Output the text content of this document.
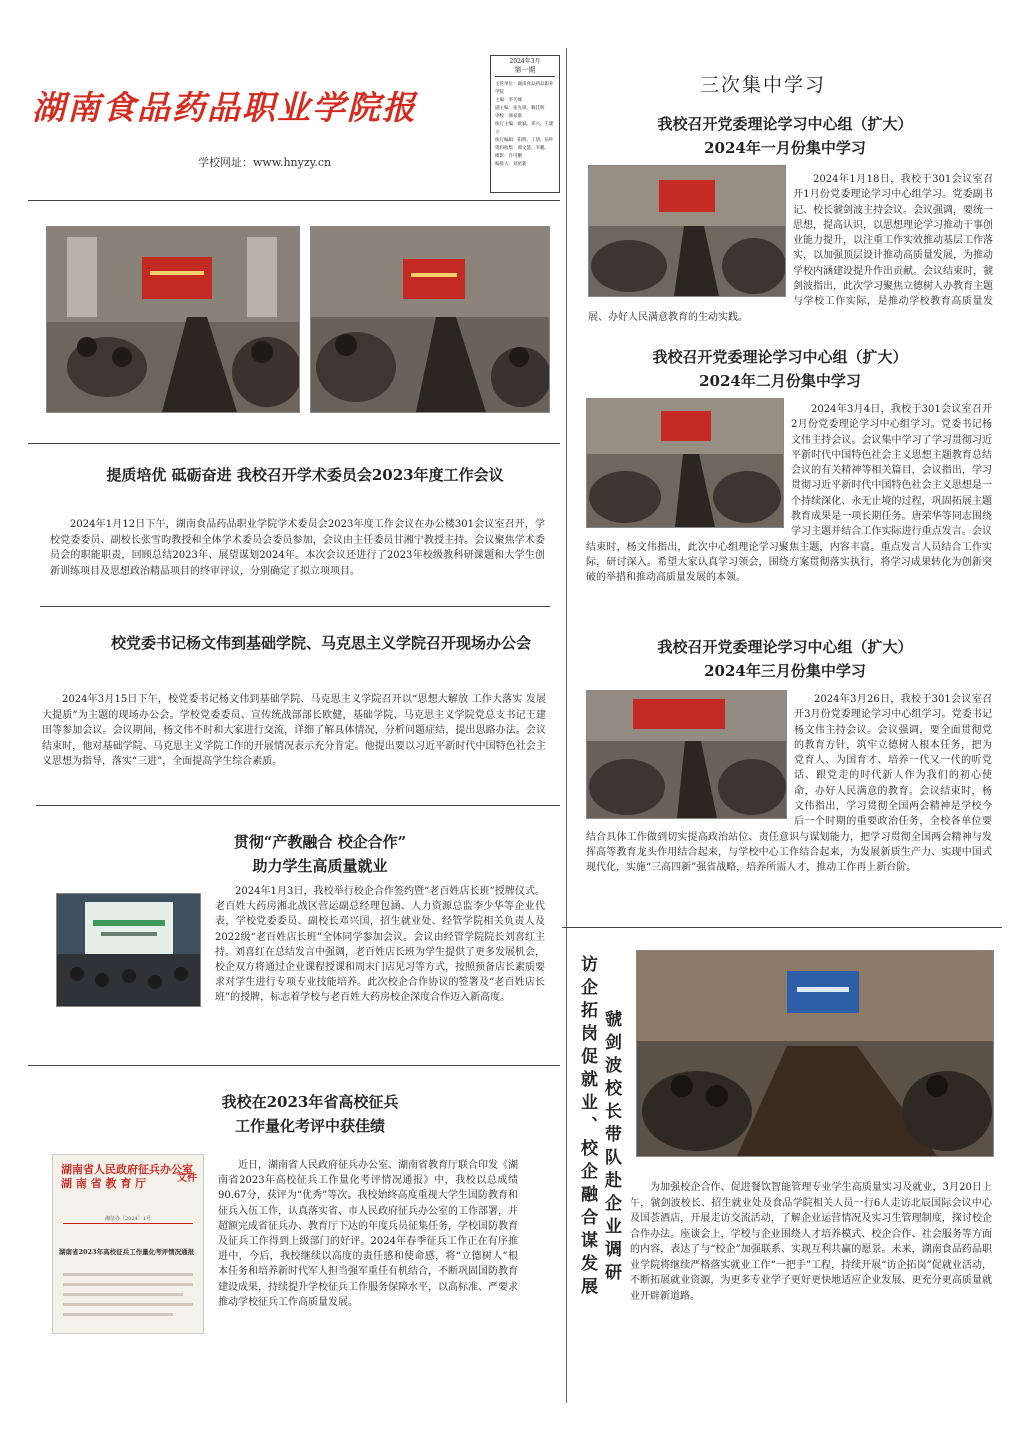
湖南食品药品职业学院报
学校网址：www.hnyzy.cn
2024年3月
第一期
主管单位：湖南食品药品职业学院
主编：李天峰
副主编：张先锋、赖佳辉
审校：颜家康
执行主编：欧斌、邓兴、王建立
执行编辑：阳辉、丁倩、伍叶
资料收集：谭文慧、李鹏、
摄影：许可鹏
编排人：刘星新
提质培优 砥砺奋进 我校召开学术委员会2023年度工作会议
2024年1月12日下午，湖南食品药品职业学院学术委员会2023年度工作会议在办公楼301会议室召开，学校党委委员、副校长张雪昀教授和全体学术委员会委员参加，会议由主任委员甘湘宁教授主持。会议聚焦学术委员会的职能职责，回顾总结2023年、展望谋划2024年。本次会议还进行了2023年校级教科研课题和大学生创新训练项目及思想政治精品项目的终审评议，分别确定了拟立项项目。
校党委书记杨文伟到基础学院、马克思主义学院召开现场办公会
2024年3月15日下午，校党委书记杨文伟到基础学院、马克思主义学院召开以“思想大解放 工作大落实 发展大提质”为主题的现场办公会。学校党委委员、宣传统战部部长欧健，基础学院、马克思主义学院党总支书记王建田等参加会议。会议期间，杨文伟不时和大家进行交流，详细了解具体情况，分析问题症结，提出思路办法。会议结束时，他对基础学院、马克思主义学院工作的开展情况表示充分肯定。他提出要以习近平新时代中国特色社会主义思想为指导，落实“三进”，全面提高学生综合素质。
贯彻“产教融合 校企合作”
助力学生高质量就业
2024年1月3日，我校举行校企合作签约暨“老百姓店长班”授牌仪式。老百姓大药房湘北战区营运副总经理包涵、人力资源总监李少华等企业代表，学校党委委员、副校长邓兴国，招生就业处、经管学院相关负责人及2022级“老百姓店长班”全体同学参加会议。会议由经管学院院长刘喜红主持。刘喜红在总结发言中强调，老百姓店长班为学生提供了更多发展机会，校企双方将通过企业课程授课和周末门店见习等方式，按照预备店长素质要求对学生进行专项专业技能培养。此次校企合作协议的签署及“老百姓店长班”的授牌，标志着学校与老百姓大药房校企深度合作迈入新高度。
我校在2023年省高校征兵
工作量化考评中获佳绩
湖南省人民政府征兵办公室
湖 南 省 教 育 厅	文件
湘征办〔2024〕1号
湖南省2023年高校征兵工作量化考评情况通报
近日，湖南省人民政府征兵办公室、湖南省教育厅联合印发《湖南省2023年高校征兵工作量化考评情况通报》中，我校以总成绩90.67分，获评为“优秀”等次。我校始终高度重视大学生国防教育和征兵入伍工作，认真落实省、市人民政府征兵办公室的工作部署，并超额完成省征兵办、教育厅下达的年度兵员征集任务，学校国防教育及征兵工作得到上级部门的好评。2024年春季征兵工作正在有序推进中，今后，我校继续以高度的责任感和使命感，将“立德树人”根本任务和培养新时代军人担当强军重任有机结合，不断巩固国防教育建设成果，持续提升学校征兵工作服务保障水平，以高标准、严要求推动学校征兵工作高质量发展。
三次集中学习
我校召开党委理论学习中心组（扩大）
2024年一月份集中学习
2024年1月18日，我校于301会议室召开1月份党委理论学习中心组学习。党委副书记、校长虢剑波主持会议。会议强调，要统一思想，提高认识，以思想理论学习推动干事创业能力提升，以注重工作实效推动基层工作落实，以加强顶层设计推动高质量发展，为推动学校内涵建设提升作出贡献。会议结束时，虢剑波指出，此次学习聚焦立德树人办教育主题与学校工作实际，是推动学校教育高质量发展、办好人民满意教育的生动实践。
我校召开党委理论学习中心组（扩大）
2024年二月份集中学习
2024年3月4日，我校于301会议室召开2月份党委理论学习中心组学习。党委书记杨文伟主持会议。会议集中学习了学习贯彻习近平新时代中国特色社会主义思想主题教育总结会议的有关精神等相关篇目，会议指出，学习贯彻习近平新时代中国特色社会主义思想是一个持续深化、永无止境的过程，巩固拓展主题教育成果是一项长期任务。唐荣华等同志围绕学习主题并结合工作实际进行重点发言。会议结束时，杨文伟指出，此次中心组理论学习聚焦主题，内容丰富。重点发言人员结合工作实际，研讨深入。希望大家认真学习领会，围绕方案贯彻落实执行，将学习成果转化为创新突破的举措和推动高质量发展的本领。
我校召开党委理论学习中心组（扩大）
2024年三月份集中学习
2024年3月26日，我校于301会议室召开3月份党委理论学习中心组学习。党委书记杨文伟主持会议。会议强调，要全面贯彻党的教育方针，筑牢立德树人根本任务，把为党育人、为国育才、培养一代又一代的听党话、跟党走的时代新人作为我们的初心使命，办好人民满意的教育。会议结束时，杨文伟指出，学习贯彻全国两会精神是学校今后一个时期的重要政治任务，全校各单位要结合具体工作做到切实提高政治站位、责任意识与谋划能力，把学习贯彻全国两会精神与发挥高等教育龙头作用结合起来，与学校中心工作结合起来，为发展新质生产力、实现中国式现代化，实施“三高四新”强省战略，培养所需人才，推动工作再上新台阶。
访企拓岗促就业、校企融合谋发展 虢剑波校长带队赴企业调研	为加强校企合作、促进餐饮智能管理专业学生高质量实习及就业，3月20日上午，虢剑波校长、招生就业处及食品学院相关人员一行6人走访北辰国际会议中心及国荟酒店，开展走访交流活动，了解企业运营情况及实习生管理制度，探讨校企合作办法。座谈会上，学校与企业围绕人才培养模式、校企合作、社会服务等方面的内容，表达了与“校企”加强联系、实现互利共赢的愿景。未来，湖南食品药品职业学院将继续严格落实就业工作“一把手”工程，持续开展“访企拓岗”促就业活动，不断拓展就业资源，为更多专业学子更好更快地适应企业发展、更充分更高质量就业开辟新道路。
